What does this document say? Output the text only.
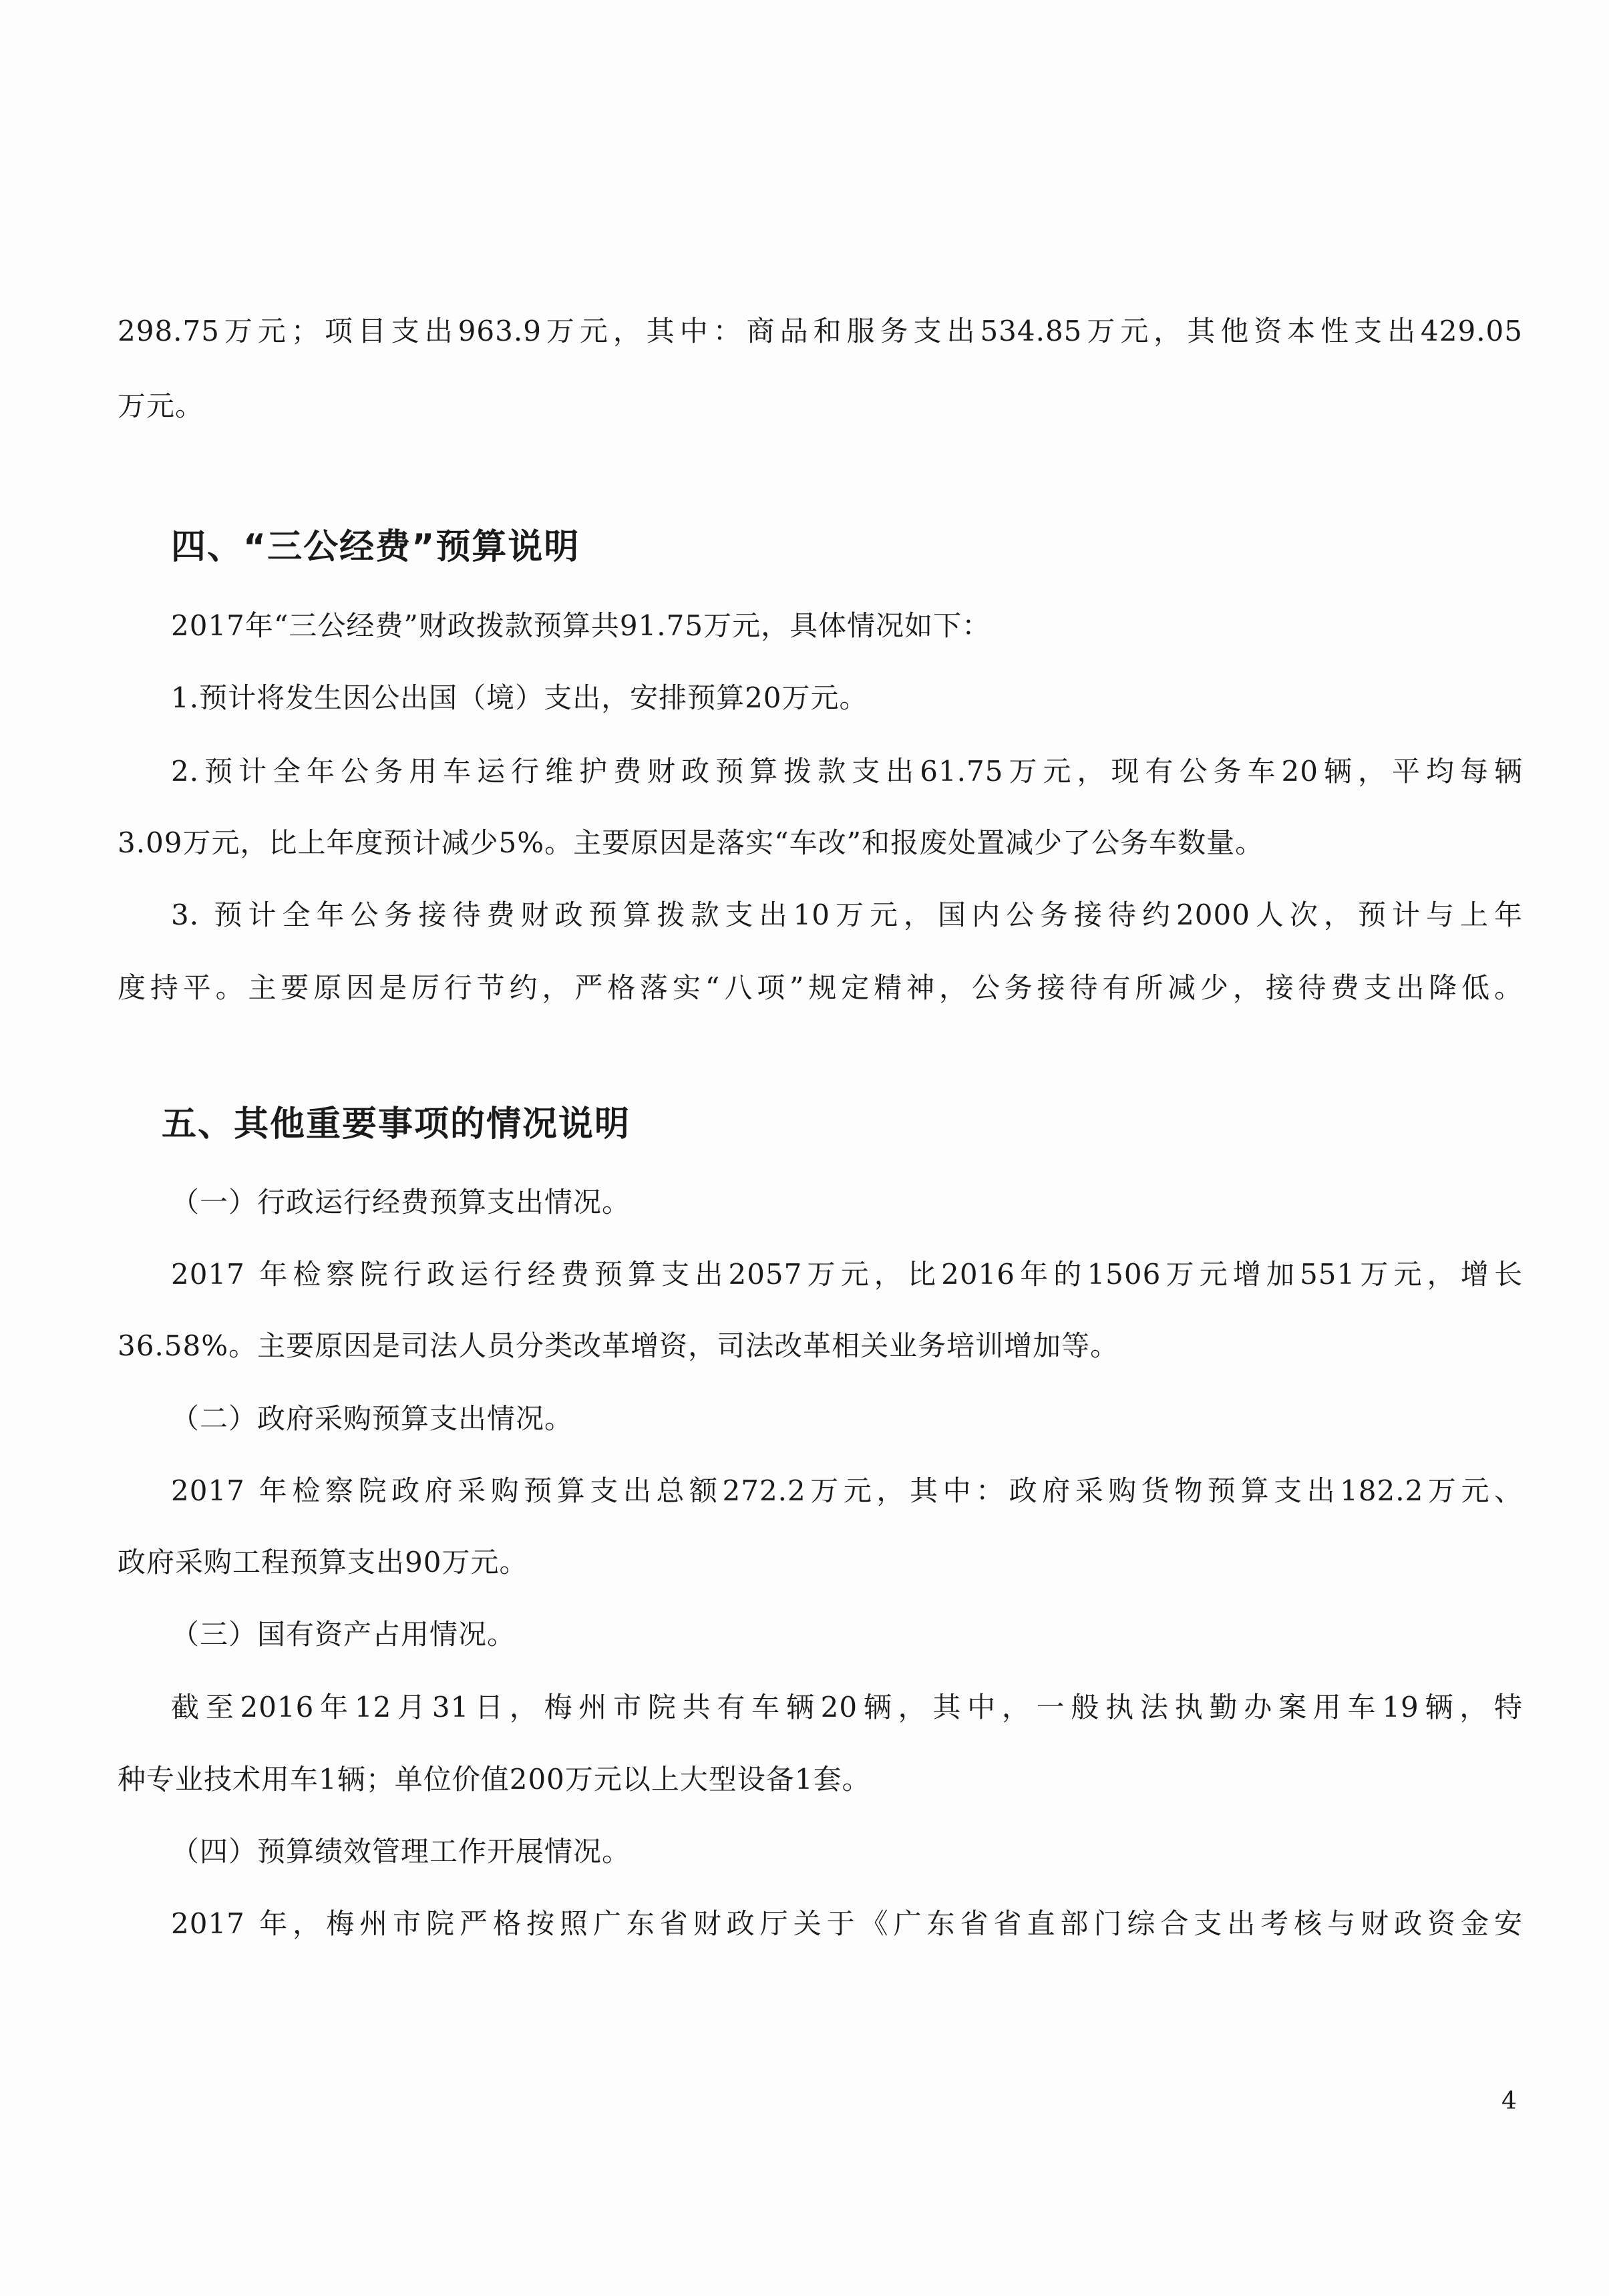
298.75万元；项目支出963.9万元，其中：商品和服务支出534.85万元，其他资本性支出429.05
万元。
四、“三公经费”预算说明
2017年“三公经费”财政拨款预算共91.75万元，具体情况如下：
1.预计将发生因公出国（境）支出，安排预算20万元。
2.预计全年公务用车运行维护费财政预算拨款支出61.75万元，现有公务车20辆，平均每辆
3.09万元，比上年度预计减少5%。主要原因是落实“车改”和报废处置减少了公务车数量。
3. 预计全年公务接待费财政预算拨款支出10万元，国内公务接待约2000人次，预计与上年
度持平。主要原因是厉行节约，严格落实“八项”规定精神，公务接待有所减少，接待费支出降低。
五、其他重要事项的情况说明
（一）行政运行经费预算支出情况。
2017 年检察院行政运行经费预算支出2057万元，比2016年的1506万元增加551万元，增长
36.58%。主要原因是司法人员分类改革增资，司法改革相关业务培训增加等。
（二）政府采购预算支出情况。
2017 年检察院政府采购预算支出总额272.2万元，其中：政府采购货物预算支出182.2万元、
政府采购工程预算支出90万元。
（三）国有资产占用情况。
截至2016年12月31日，梅州市院共有车辆20辆，其中，一般执法执勤办案用车19辆，特
种专业技术用车1辆；单位价值200万元以上大型设备1套。
（四）预算绩效管理工作开展情况。
2017 年，梅州市院严格按照广东省财政厅关于《广东省省直部门综合支出考核与财政资金安
4
